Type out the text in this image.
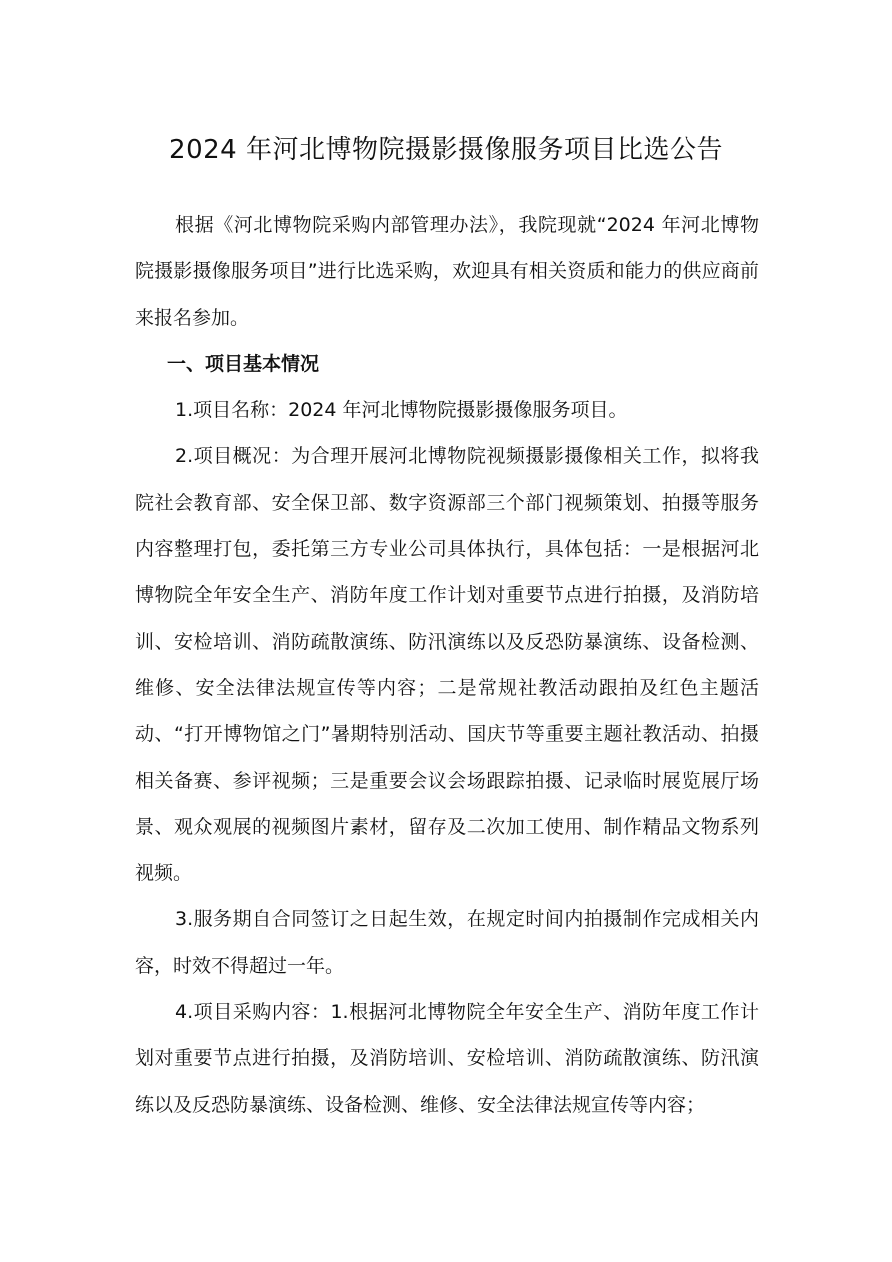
2024 年河北博物院摄影摄像服务项目比选公告

根据《河北博物院采购内部管理办法》，我院现就“2024 年河北博物院摄影摄像服务项目”进行比选采购，欢迎具有相关资质和能力的供应商前来报名参加。

一、项目基本情况

1.项目名称：2024 年河北博物院摄影摄像服务项目。

2.项目概况：为合理开展河北博物院视频摄影摄像相关工作，拟将我院社会教育部、安全保卫部、数字资源部三个部门视频策划、拍摄等服务内容整理打包，委托第三方专业公司具体执行，具体包括：一是根据河北博物院全年安全生产、消防年度工作计划对重要节点进行拍摄，及消防培训、安检培训、消防疏散演练、防汛演练以及反恐防暴演练、设备检测、维修、安全法律法规宣传等内容；二是常规社教活动跟拍及红色主题活动、“打开博物馆之门”暑期特别活动、国庆节等重要主题社教活动、拍摄相关备赛、参评视频；三是重要会议会场跟踪拍摄、记录临时展览展厅场景、观众观展的视频图片素材，留存及二次加工使用、制作精品文物系列视频。

3.服务期自合同签订之日起生效，在规定时间内拍摄制作完成相关内容，时效不得超过一年。

4.项目采购内容：1.根据河北博物院全年安全生产、消防年度工作计划对重要节点进行拍摄，及消防培训、安检培训、消防疏散演练、防汛演练以及反恐防暴演练、设备检测、维修、安全法律法规宣传等内容；
